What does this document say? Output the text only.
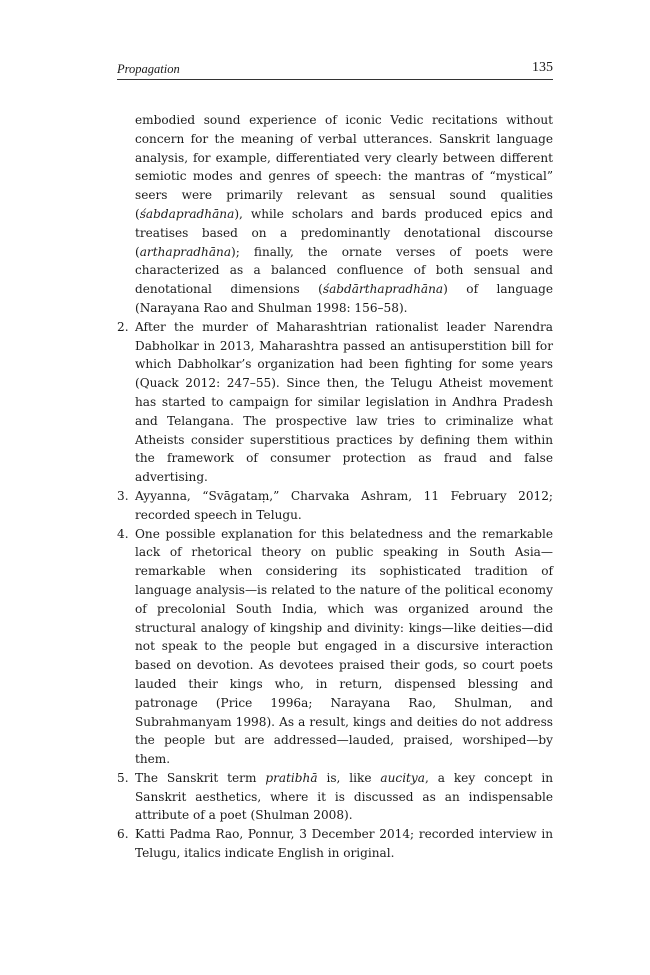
Propagation	135
embodied sound experience of iconic Vedic recitations without concern for the meaning of verbal utterances. Sanskrit language analysis, for example, differentiated very clearly between different semiotic modes and genres of speech: the mantras of “mystical” seers were primarily relevant as sensual sound qualities (śabdapradhāna), while scholars and bards produced epics and treatises based on a predominantly denotational discourse (arthapradhāna); finally, the ornate verses of poets were characterized as a balanced confluence of both sensual and denotational dimensions (śabdārthapradhāna) of language (Narayana Rao and Shulman 1998: 156–58).
2. After the murder of Maharashtrian rationalist leader Narendra Dabholkar in 2013, Maharashtra passed an antisuperstition bill for which Dabholkar’s organization had been fighting for some years (Quack 2012: 247–55). Since then, the Telugu Atheist movement has started to campaign for similar legislation in Andhra Pradesh and Telangana. The prospective law tries to criminalize what Atheists consider superstitious practices by defining them within the framework of consumer protection as fraud and false advertising.
3. Ayyanna, “Svāgataṃ,” Charvaka Ashram, 11 February 2012; recorded speech in Telugu.
4. One possible explanation for this belatedness and the remarkable lack of rhetorical theory on public speaking in South Asia—remarkable when considering its sophisticated tradition of language analysis—is related to the nature of the political economy of precolonial South India, which was organized around the structural analogy of kingship and divinity: kings—like deities—did not speak to the people but engaged in a discursive interaction based on devotion. As devotees praised their gods, so court poets lauded their kings who, in return, dispensed blessing and patronage (Price 1996a; Narayana Rao, Shulman, and Subrahmanyam 1998). As a result, kings and deities do not address the people but are addressed—lauded, praised, worshiped—by them.
5. The Sanskrit term pratibhā is, like aucitya, a key concept in Sanskrit aesthetics, where it is discussed as an indispensable attribute of a poet (Shulman 2008).
6. Katti Padma Rao, Ponnur, 3 December 2014; recorded interview in Telugu, italics indicate English in original.
